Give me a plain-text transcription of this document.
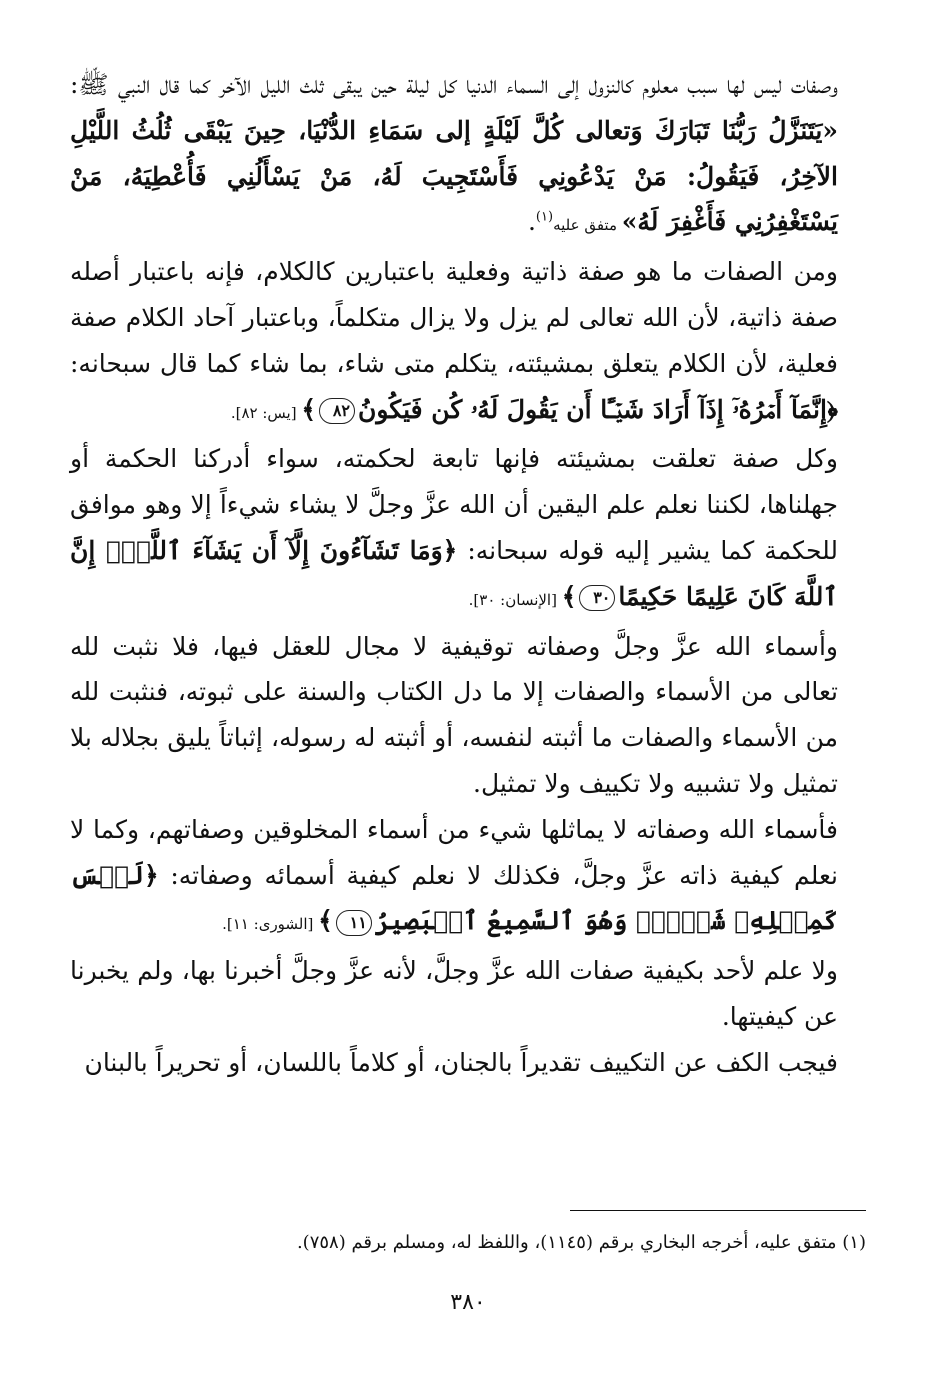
وصفات ليس لها سبب معلوم كالنزول إلى السماء الدنيا كل ليلة حين يبقى ثلث الليل الآخر كما قال النبي ﷺ: «يَتَنَزَّلُ رَبُّنَا تَبَارَكَ وَتعالى كُلَّ لَيْلَةٍ إلى سَمَاءِ الدُّنْيَا، حِينَ يَبْقَى ثُلُثُ اللَّيْلِ الآخِرُ، فَيَقُولُ: مَنْ يَدْعُونِي فَأَسْتَجِيبَ لَهُ، مَنْ يَسْأَلُنِي فَأُعْطِيَهُ، مَنْ يَسْتَغْفِرُنِي فَأَغْفِرَ لَهُ» متفق عليه$^{(١)}$.

ومن الصفات ما هو صفة ذاتية وفعلية باعتبارين كالكلام، فإنه باعتبار أصله صفة ذاتية، لأن الله تعالى لم يزل ولا يزال متكلماً، وباعتبار آحاد الكلام صفة فعلية، لأن الكلام يتعلق بمشيئته، يتكلم متى شاء، بما شاء كما قال سبحانه: ﴿إِنَّمَآ أَمۡرُهُۥٓ إِذَآ أَرَادَ شَيۡـًٔا أَن يَقُولَ لَهُۥ كُن فَيَكُونُ٨٢﴾ [يس: ٨٢].

وكل صفة تعلقت بمشيئته فإنها تابعة لحكمته، سواء أدركنا الحكمة أو جهلناها، لكننا نعلم علم اليقين أن الله عزَّ وجلَّ لا يشاء شيءاً إلا وهو موافق للحكمة كما يشير إليه قوله سبحانه: ﴿وَمَا تَشَآءُونَ إِلَّآ أَن يَشَآءَ ٱللَّهُۚ إِنَّ ٱللَّهَ كَانَ عَلِيمًا حَكِيمًا٣٠﴾ [الإنسان: ٣٠].

وأسماء الله عزَّ وجلَّ وصفاته توقيفية لا مجال للعقل فيها، فلا نثبت لله تعالى من الأسماء والصفات إلا ما دل الكتاب والسنة على ثبوته، فنثبت لله من الأسماء والصفات ما أثبته لنفسه، أو أثبته له رسوله، إثباتاً يليق بجلاله بلا تمثيل ولا تشبيه ولا تكييف ولا تمثيل.

فأسماء الله وصفاته لا يماثلها شيء من أسماء المخلوقين وصفاتهم، وكما لا نعلم كيفية ذاته عزَّ وجلَّ، فكذلك لا نعلم كيفية أسمائه وصفاته: ﴿لَيۡسَ كَمِثۡلِهِۦ شَيۡءٞۖ وَهُوَ ٱلسَّمِيعُ ٱلۡبَصِيرُ١١﴾ [الشورى: ١١].

ولا علم لأحد بكيفية صفات الله عزَّ وجلَّ، لأنه عزَّ وجلَّ أخبرنا بها، ولم يخبرنا عن كيفيتها.

فيجب الكف عن التكييف تقديراً بالجنان، أو كلاماً باللسان، أو تحريراً بالبنان

(١) متفق عليه، أخرجه البخاري برقم (١١٤٥)، واللفظ له، ومسلم برقم (٧٥٨).

٣٨٠
